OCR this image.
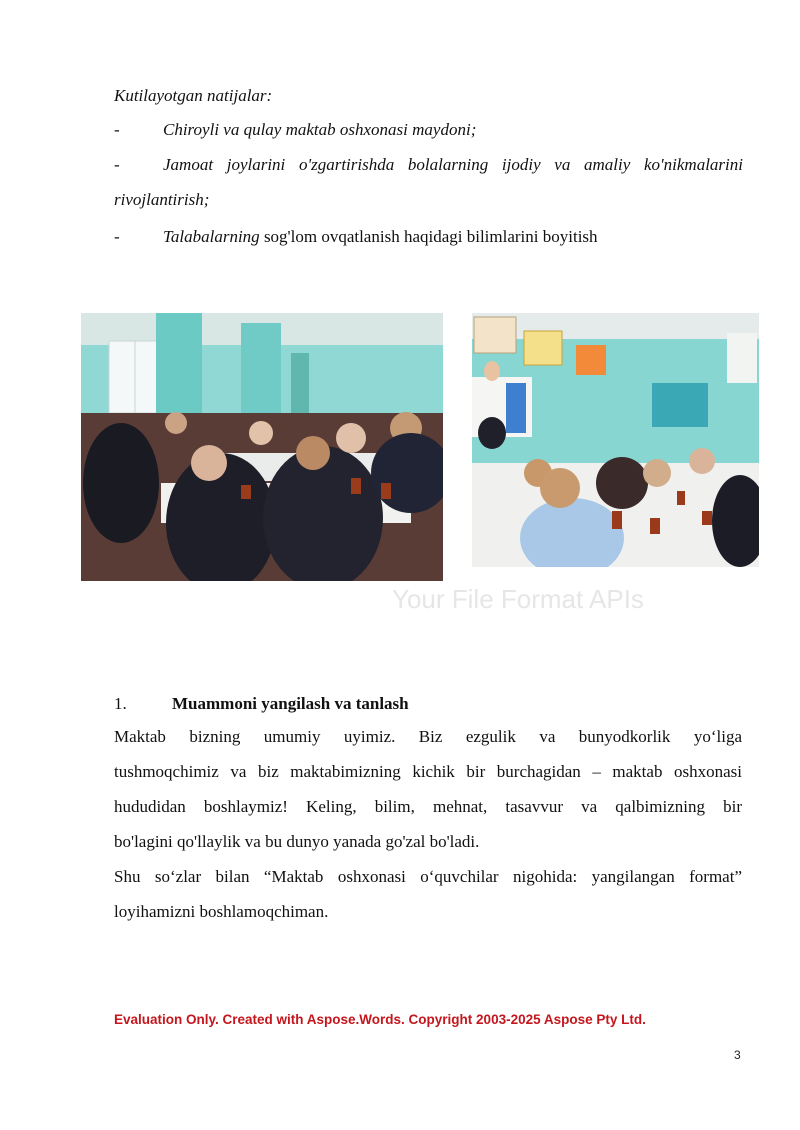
Kutilayotgan natijalar:
-	Chiroyli va qulay maktab oshxonasi maydoni;
-	Jamoat joylarini o'zgartirishda bolalarning ijodiy va amaliy ko'nikmalarini
rivojlantirish;
-	Talabalarning sog'lom ovqatlanish haqidagi bilimlarini boyitish
Your File Format APIs
1.	Muammoni yangilash va tanlash
Maktab bizning umumiy uyimiz. Biz ezgulik va bunyodkorlik yo‘liga
tushmoqchimiz va biz maktabimizning kichik bir burchagidan – maktab oshxonasi
hududidan boshlaymiz! Keling, bilim, mehnat, tasavvur va qalbimizning bir
bo'lagini qo'llaylik va bu dunyo yanada go'zal bo'ladi.
Shu so‘zlar bilan “Maktab oshxonasi o‘quvchilar nigohida: yangilangan format”
loyihamizni boshlamoqchiman.
Evaluation Only. Created with Aspose.Words. Copyright 2003-2025 Aspose Pty Ltd.
3
